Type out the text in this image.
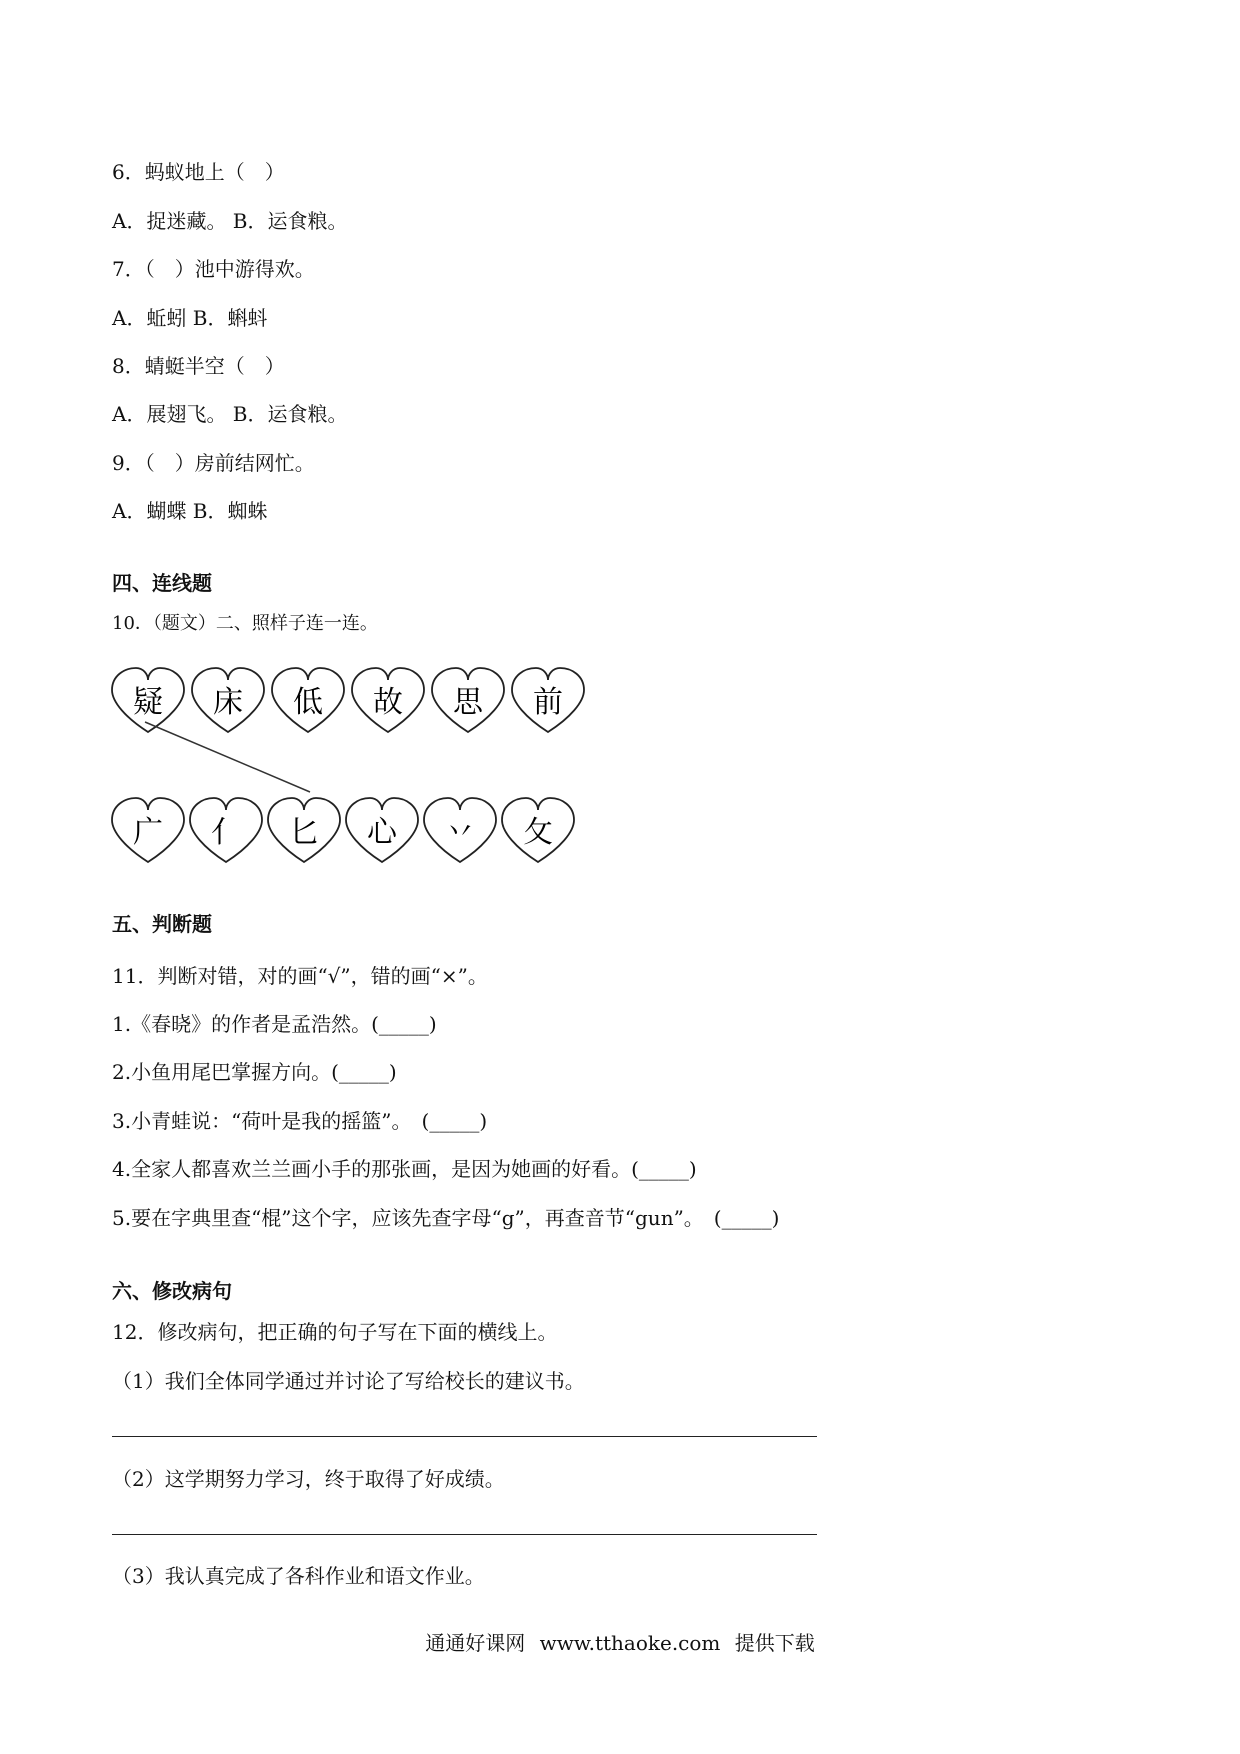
6．蚂蚁地上（　）
A．捉迷藏。 B．运食粮。
7．（　）池中游得欢。
A．蚯蚓 B．蝌蚪
8．蜻蜓半空（　）
A．展翅飞。 B．运食粮。
9．（　）房前结网忙。
A．蝴蝶 B．蜘蛛
四、连线题
10．（题文）二、照样子连一连。
疑 床 低 故 思 前
广 亻 匕 心 丷 攵
五、判断题
11．判断对错，对的画“√”，错的画“×”。
1.《春晓》的作者是孟浩然。(_____)
2.小鱼用尾巴掌握方向。(_____)
3.小青蛙说：“荷叶是我的摇篮”。　(_____)
4.全家人都喜欢兰兰画小手的那张画，是因为她画的好看。(_____)
5.要在字典里查“棍”这个字，应该先查字母“g”，再查音节“gun”。　(_____)
六、修改病句
12．修改病句，把正确的句子写在下面的横线上。
（1）我们全体同学通过并讨论了写给校长的建议书。
（2）这学期努力学习，终于取得了好成绩。
（3）我认真完成了各科作业和语文作业。
通通好课网 www.tthaoke.com 提供下载
